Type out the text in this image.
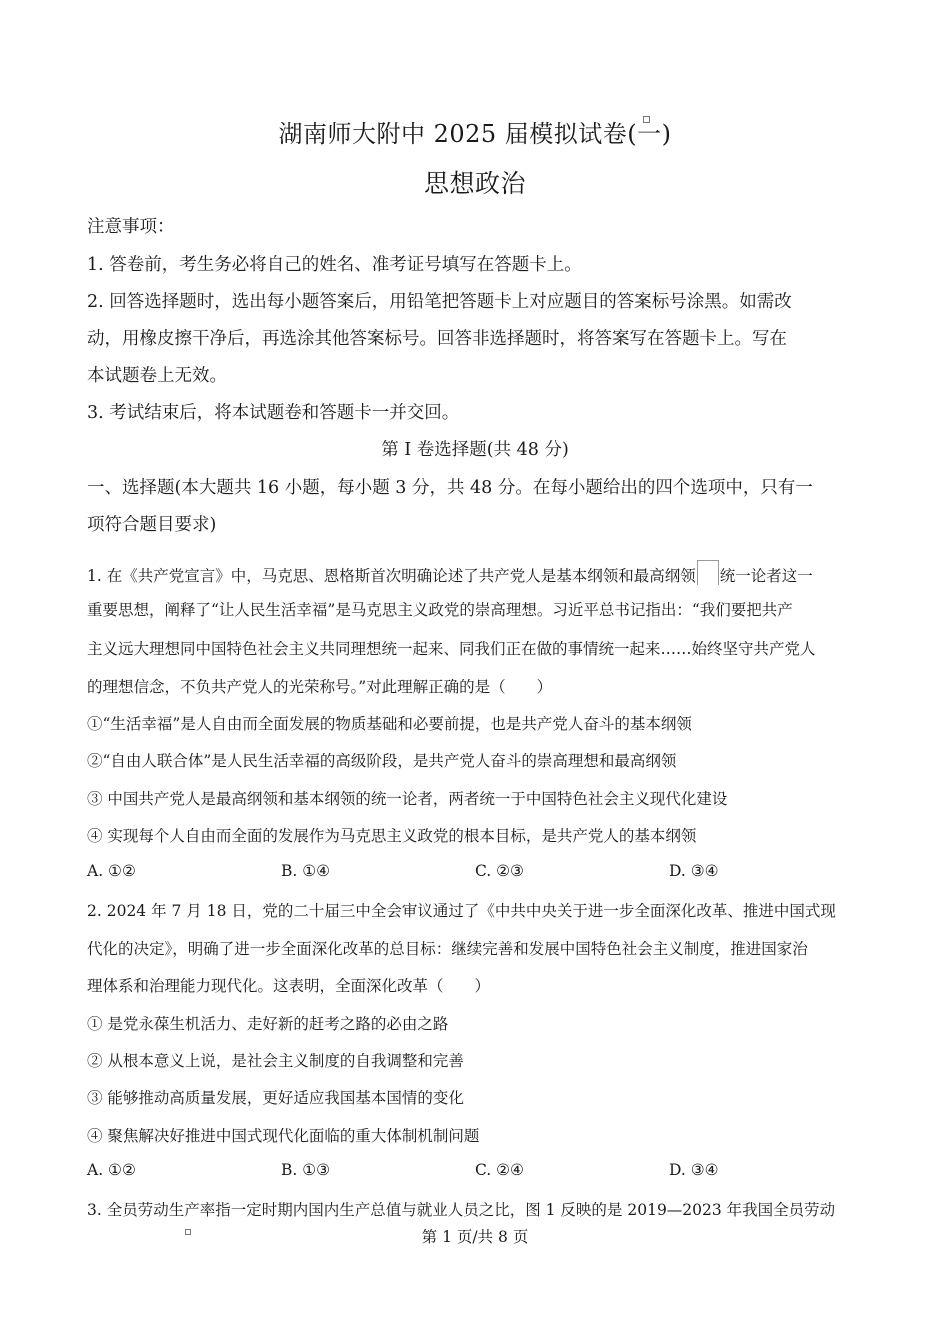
湖南师大附中 2025 届模拟试卷(一)
思想政治
注意事项：
1. 答卷前，考生务必将自己的姓名、准考证号填写在答题卡上。
2. 回答选择题时，选出每小题答案后，用铅笔把答题卡上对应题目的答案标号涂黑。如需改
动，用橡皮擦干净后，再选涂其他答案标号。回答非选择题时，将答案写在答题卡上。写在
本试题卷上无效。
3. 考试结束后，将本试题卷和答题卡一并交回。
第 I 卷选择题(共 48 分)
一、选择题(本大题共 16 小题，每小题 3 分，共 48 分。在每小题给出的四个选项中，只有一
项符合题目要求)
1. 在《共产党宣言》中，马克思、恩格斯首次明确论述了共产党人是基本纲领和最高纲领 统一论者这一
重要思想，阐释了“让人民生活幸福”是马克思主义政党的崇高理想。习近平总书记指出：“我们要把共产
主义远大理想同中国特色社会主义共同理想统一起来、同我们正在做的事情统一起来……始终坚守共产党人
的理想信念，不负共产党人的光荣称号。”对此理解正确的是（　　）
①“生活幸福”是人自由而全面发展的物质基础和必要前提，也是共产党人奋斗的基本纲领
②“自由人联合体”是人民生活幸福的高级阶段，是共产党人奋斗的崇高理想和最高纲领
③ 中国共产党人是最高纲领和基本纲领的统一论者，两者统一于中国特色社会主义现代化建设
④ 实现每个人自由而全面的发展作为马克思主义政党的根本目标，是共产党人的基本纲领
A. ①②	B. ①④	C. ②③	D. ③④
2. 2024 年 7 月 18 日，党的二十届三中全会审议通过了《中共中央关于进一步全面深化改革、推进中国式现
代化的决定》，明确了进一步全面深化改革的总目标：继续完善和发展中国特色社会主义制度，推进国家治
理体系和治理能力现代化。这表明，全面深化改革（　　）
① 是党永葆生机活力、走好新的赶考之路的必由之路
② 从根本意义上说，是社会主义制度的自我调整和完善
③ 能够推动高质量发展，更好适应我国基本国情的变化
④ 聚焦解决好推进中国式现代化面临的重大体制机制问题
A. ①②	B. ①③	C. ②④	D. ③④
3. 全员劳动生产率指一定时期内国内生产总值与就业人员之比，图 1 反映的是 2019—2023 年我国全员劳动
第 1 页/共 8 页
